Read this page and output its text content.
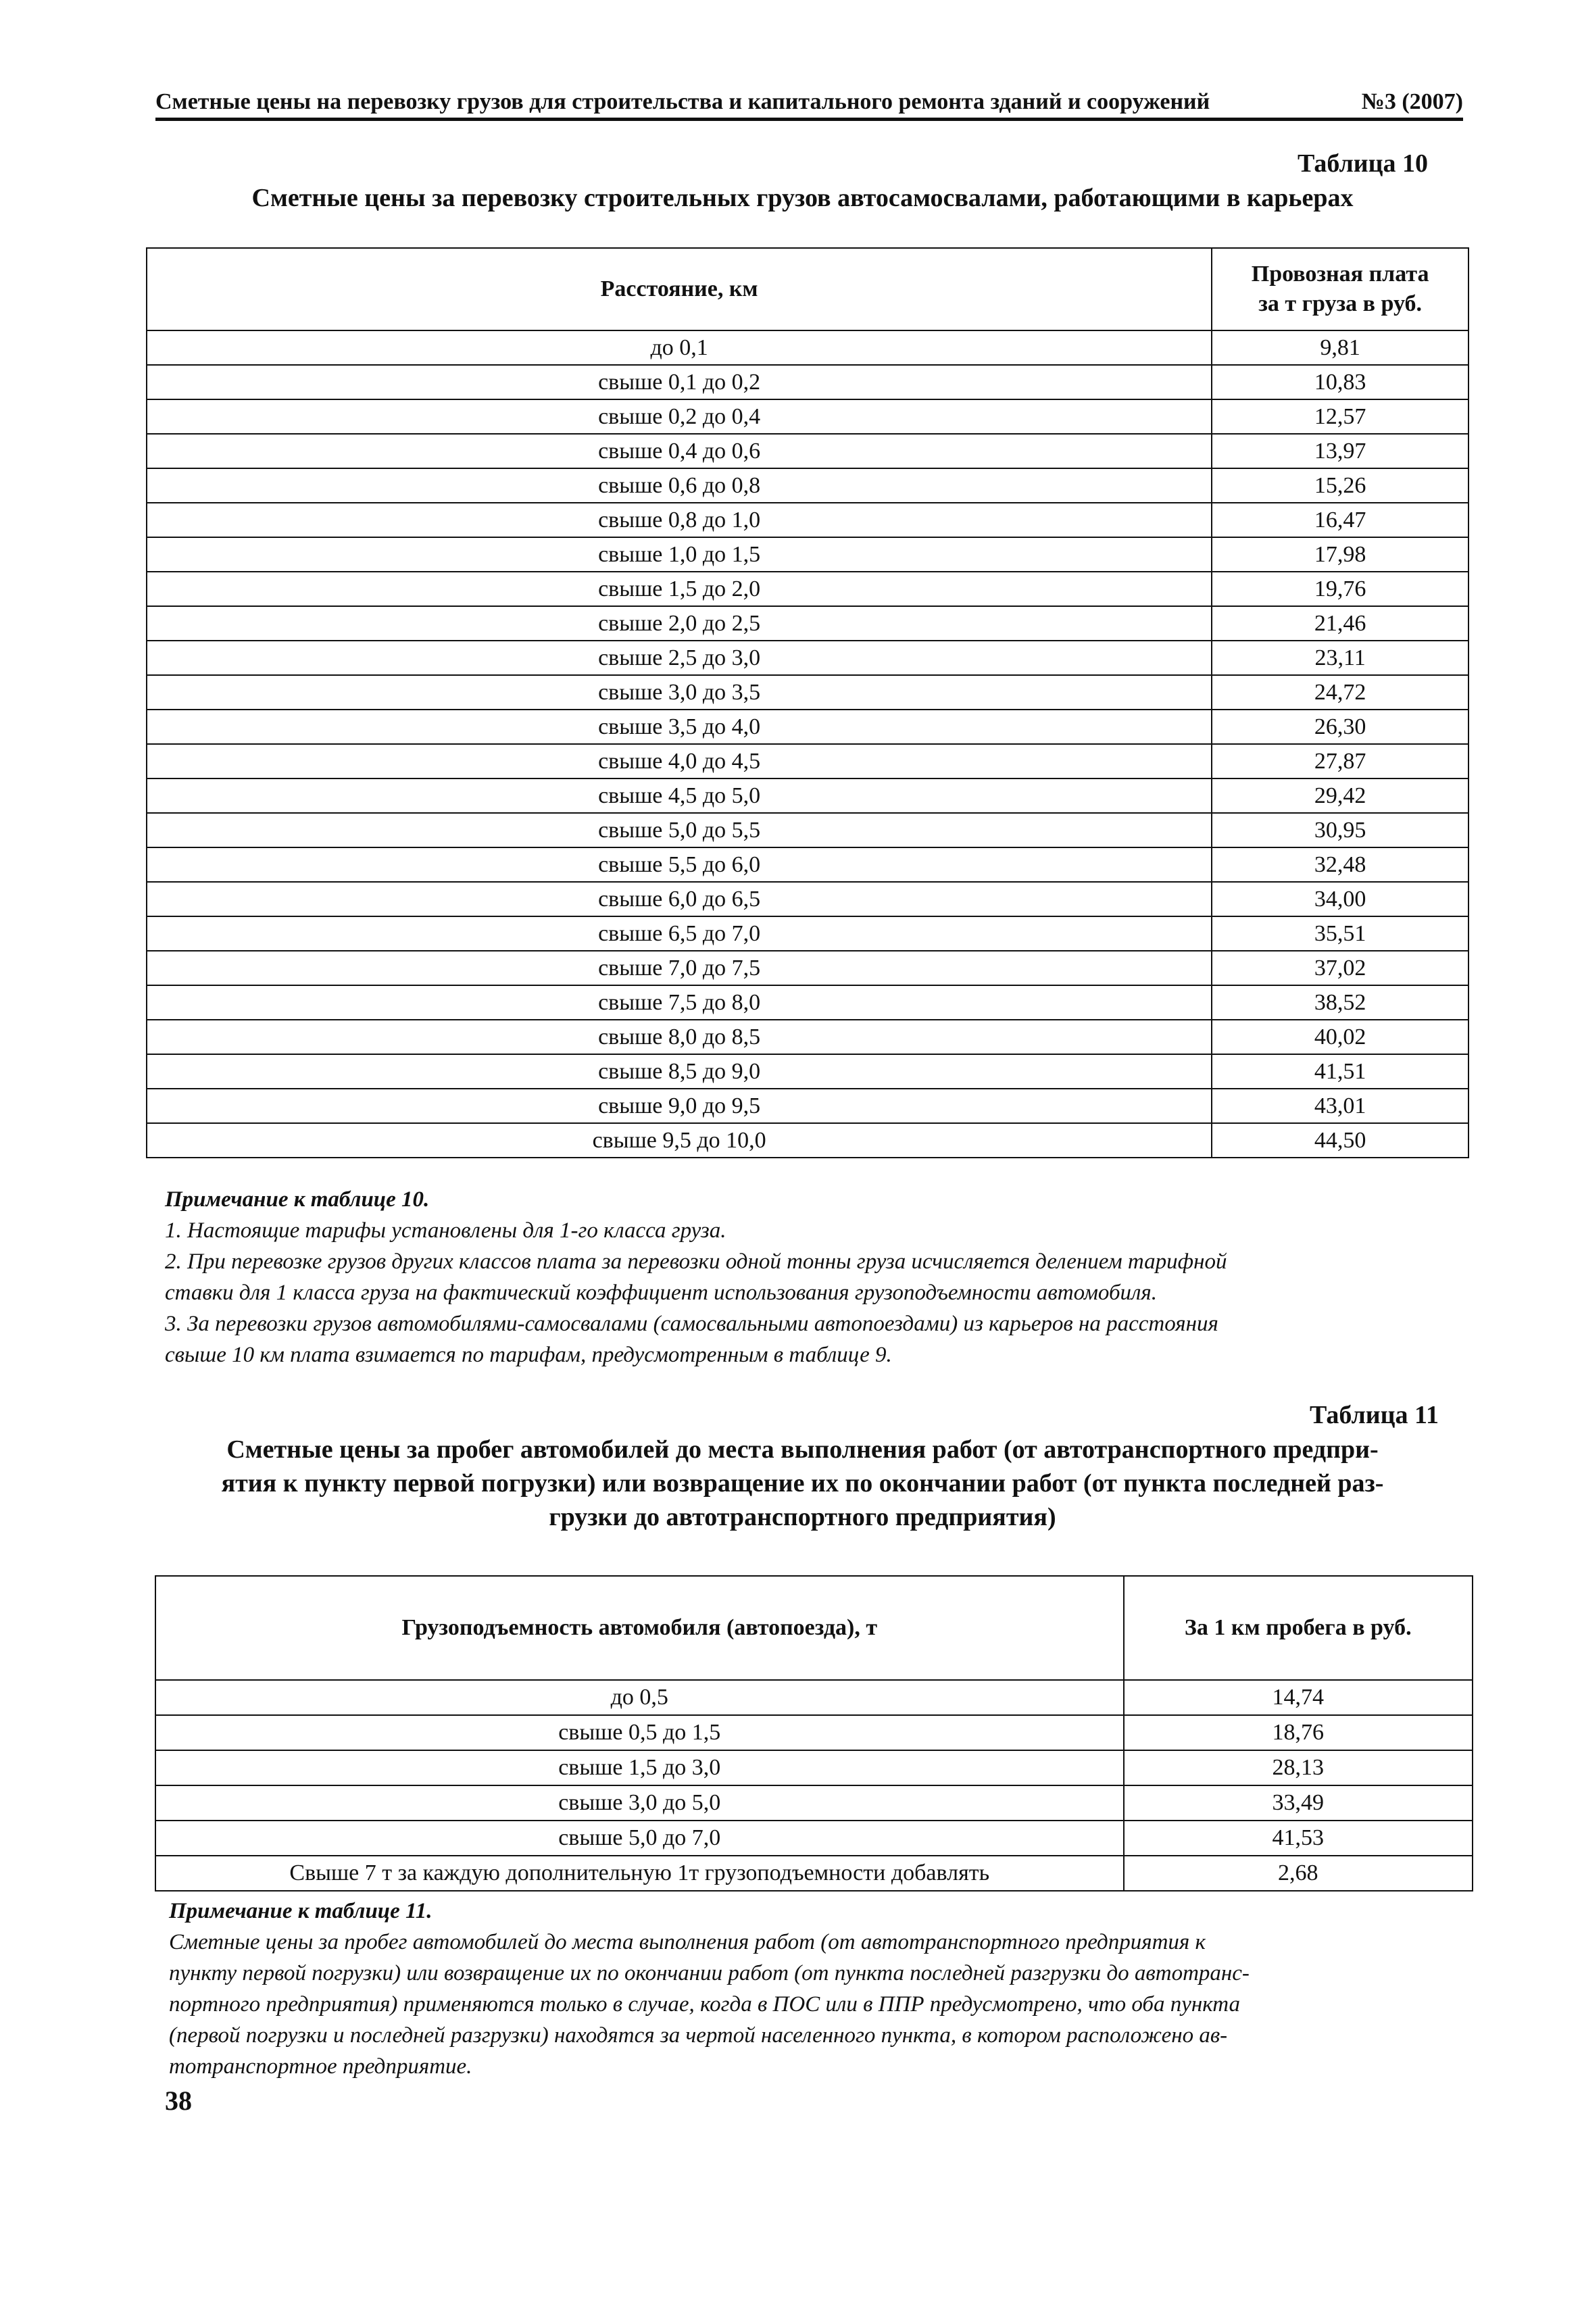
Сметные цены на перевозку грузов для строительства и капитального ремонта зданий и сооружений	№3 (2007)
Таблица 10
Сметные цены за перевозку строительных грузов автосамосвалами, работающими в карьерах
Расстояние, км	Провозная плата
за т груза в руб.

до 0,1	9,81
свыше 0,1 до 0,2	10,83
свыше 0,2 до 0,4	12,57
свыше 0,4 до 0,6	13,97
свыше 0,6 до 0,8	15,26
свыше 0,8 до 1,0	16,47
свыше 1,0 до 1,5	17,98
свыше 1,5 до 2,0	19,76
свыше 2,0 до 2,5	21,46
свыше 2,5 до 3,0	23,11
свыше 3,0 до 3,5	24,72
свыше 3,5 до 4,0	26,30
свыше 4,0 до 4,5	27,87
свыше 4,5 до 5,0	29,42
свыше 5,0 до 5,5	30,95
свыше 5,5 до 6,0	32,48
свыше 6,0 до 6,5	34,00
свыше 6,5 до 7,0	35,51
свыше 7,0 до 7,5	37,02
свыше 7,5 до 8,0	38,52
свыше 8,0 до 8,5	40,02
свыше 8,5 до 9,0	41,51
свыше 9,0 до 9,5	43,01
свыше 9,5 до 10,0	44,50
Примечание к таблице 10.
1. Настоящие тарифы установлены для 1-го класса груза.
2. При перевозке грузов других классов плата за перевозки одной тонны груза исчисляется делением тарифной
ставки для 1 класса груза на фактический коэффициент использования грузоподъемности автомобиля.
3. За перевозки грузов автомобилями-самосвалами (самосвальными автопоездами) из карьеров на расстояния
свыше 10 км плата взимается по тарифам, предусмотренным в таблице 9.
Таблица 11
Сметные цены за пробег автомобилей до места выполнения работ (от автотранспортного предпри-
ятия к пункту первой погрузки) или возвращение их по окончании работ (от пункта последней раз-
грузки до автотранспортного предприятия)
Грузоподъемность автомобиля (автопоезда), т	За 1 км пробега в руб.
до 0,5	14,74
свыше 0,5 до 1,5	18,76
свыше 1,5 до 3,0	28,13
свыше 3,0 до 5,0	33,49
свыше 5,0 до 7,0	41,53
Свыше 7 т за каждую дополнительную 1т грузоподъемности добавлять	2,68
Примечание к таблице 11.
Сметные цены за пробег автомобилей до места выполнения работ (от автотранспортного предприятия к
пункту первой погрузки) или возвращение их по окончании работ (от пункта последней разгрузки до автотранс-
портного предприятия) применяются только в случае, когда в ПОС или в ППР предусмотрено, что оба пункта
(первой погрузки и последней разгрузки) находятся за чертой населенного пункта, в котором расположено ав-
тотранспортное предприятие.
38
